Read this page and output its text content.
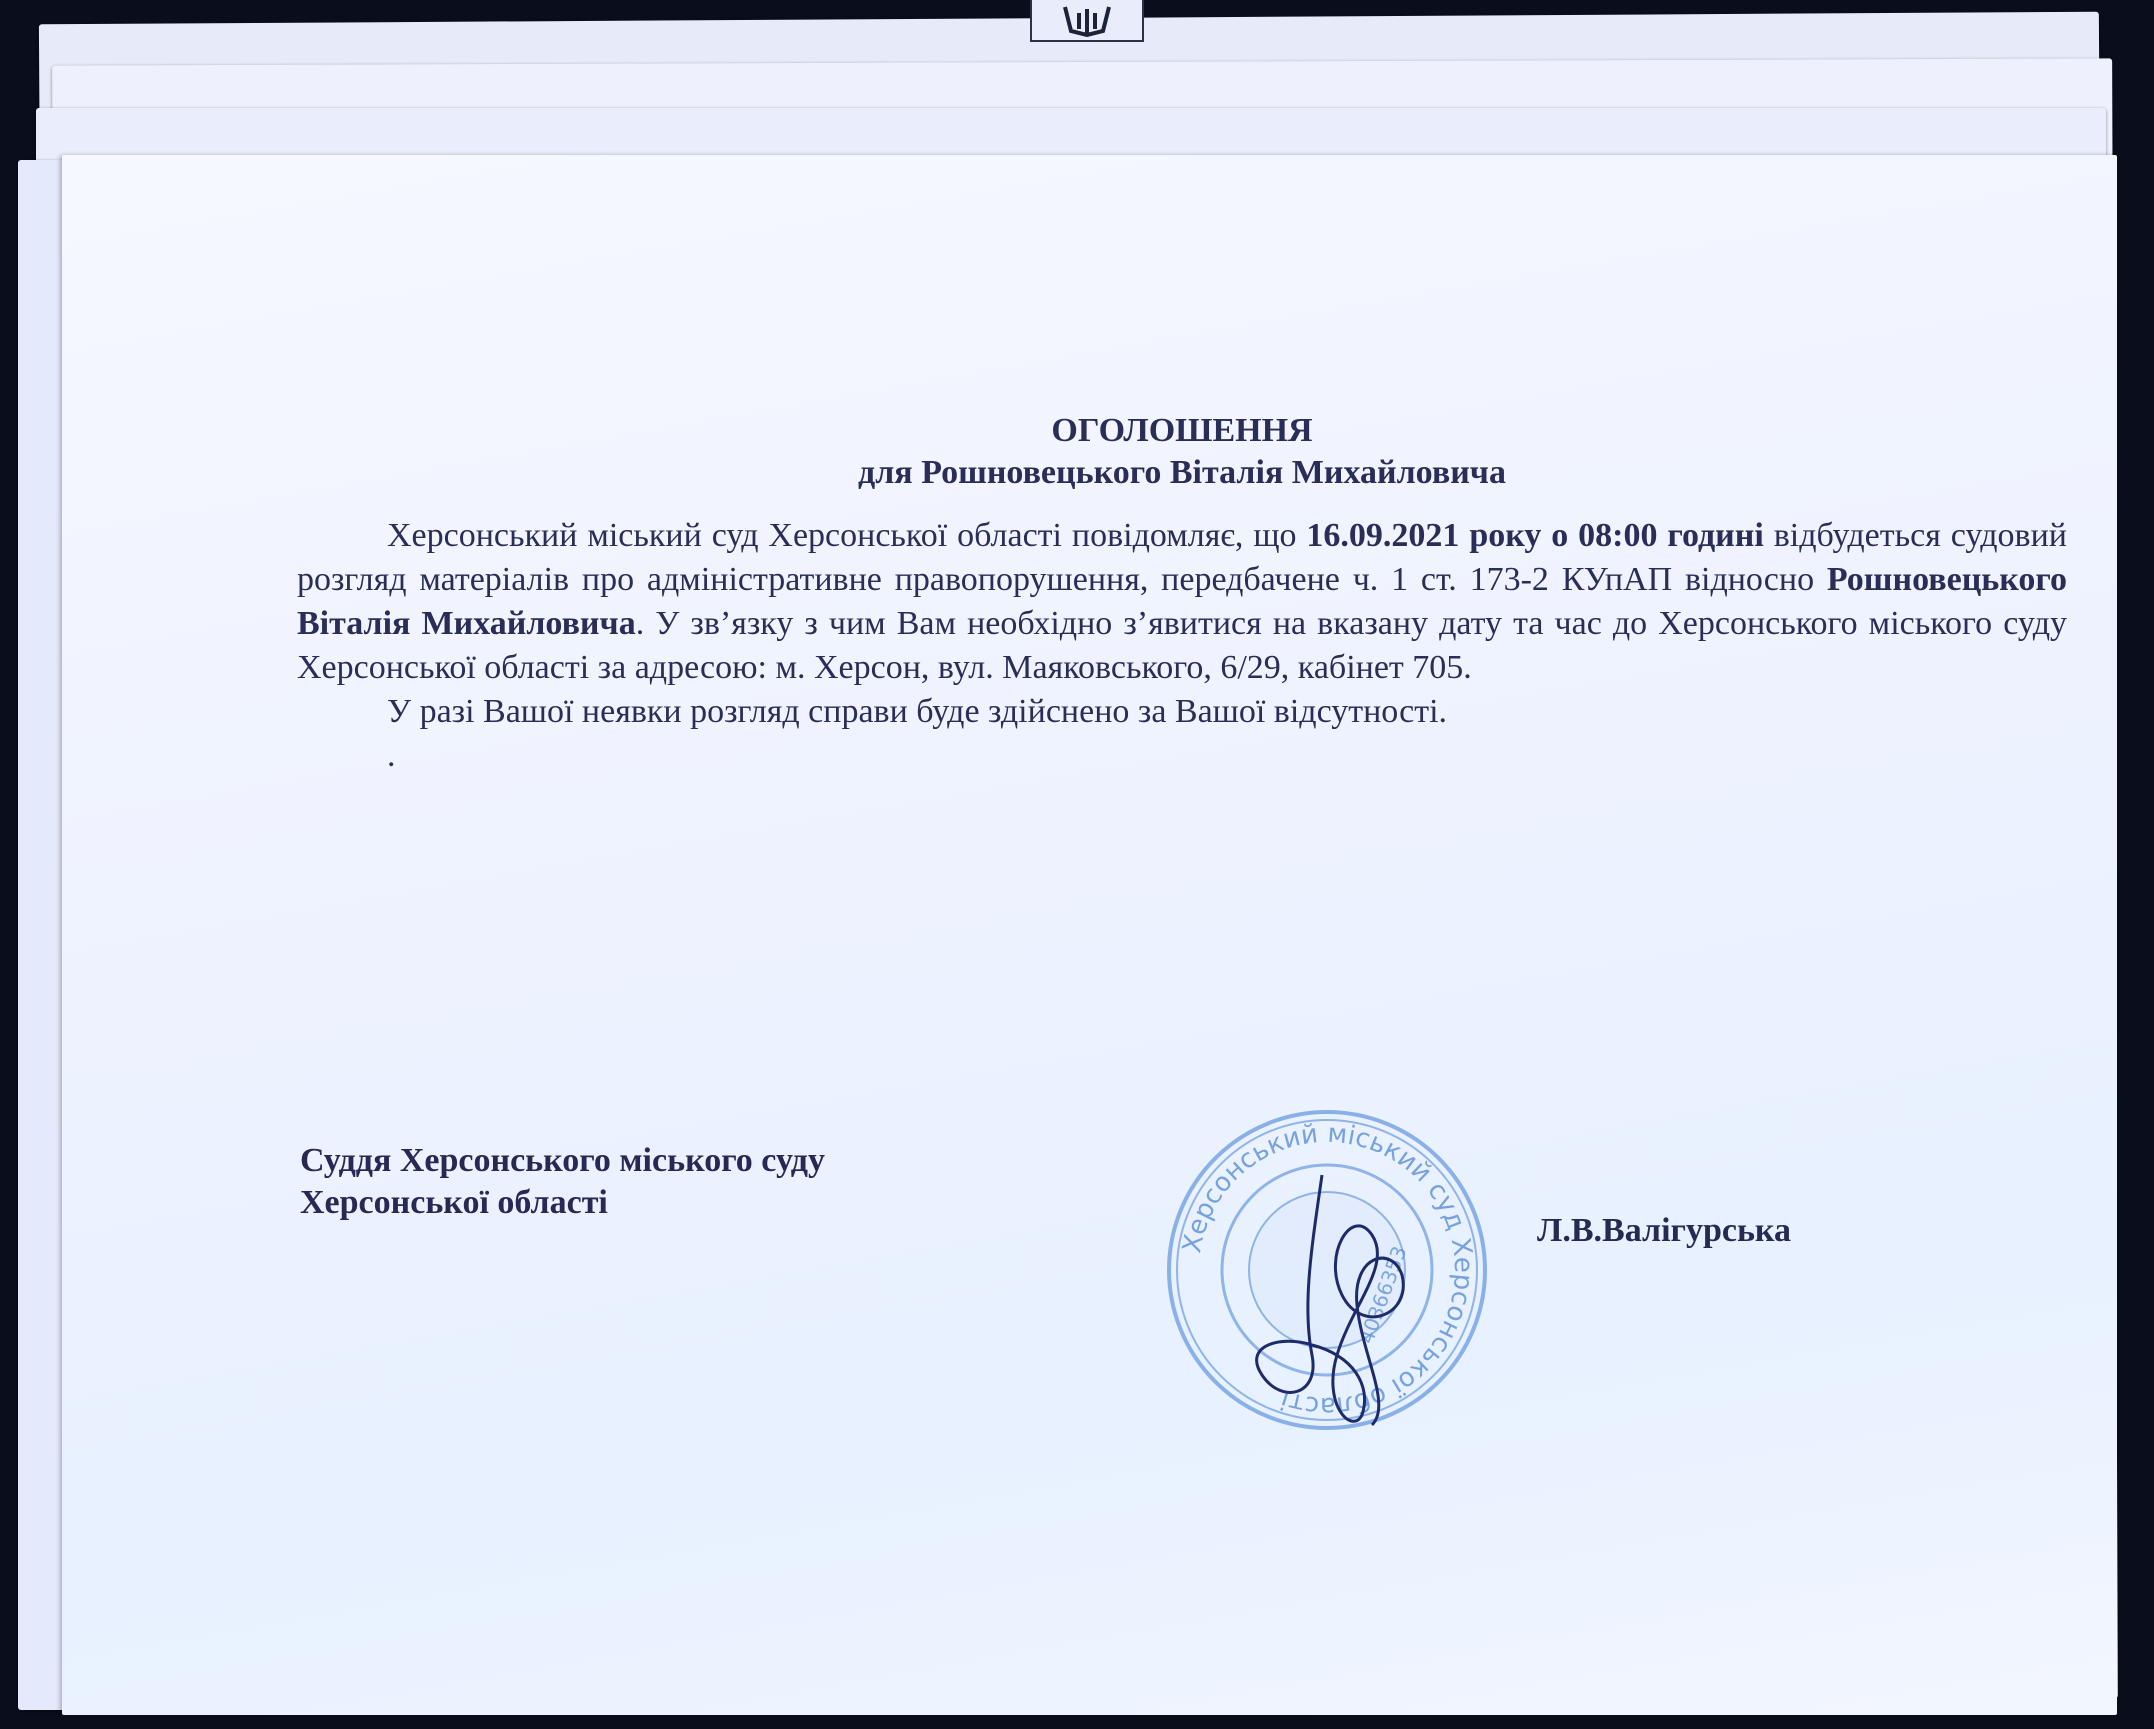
ОГОЛОШЕННЯ

для Рошновецького Віталія Михайловича

Херсонський міський суд Херсонської області повідомляє, що 16.09.2021 року о 08:00 годині відбудеться судовий розгляд матеріалів про адміністративне правопорушення, передбачене ч. 1 ст. 173-2 КУпАП відносно Рошновецького Віталія Михайловича. У зв’язку з чим Вам необхідно з’явитися на вказану дату та час до Херсонського міського суду Херсонської області за адресою: м. Херсон, вул. Маяковського, 6/29, кабінет 705.

У разі Вашої неявки розгляд справи буде здійснено за Вашої відсутності.

.

Суддя Херсонського міського суду
Херсонської області
Херсонський міський суд Херсонської області
40366353
Л.В.Валігурська
